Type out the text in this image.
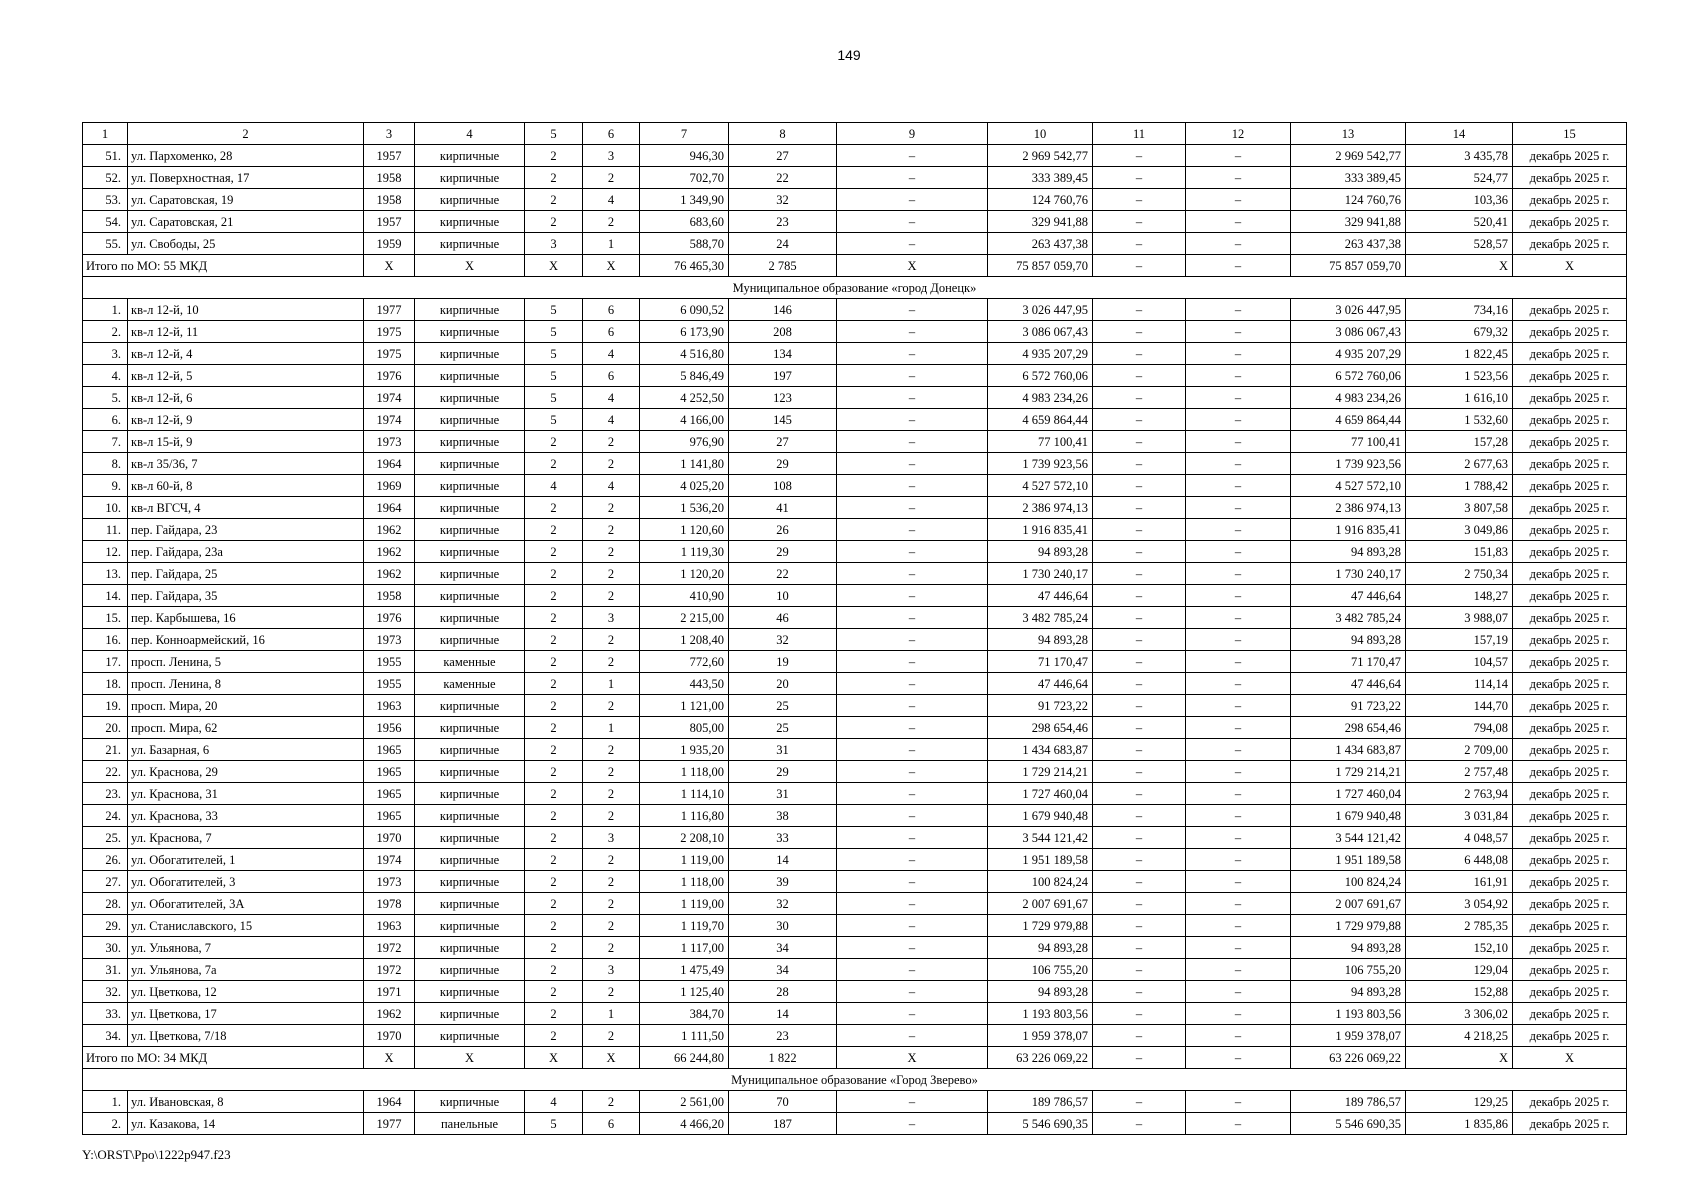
149
1	2	3	4	5	6	7	8	9	10	11	12	13	14	15
51.	ул. Пархоменко, 28	1957	кирпичные	2	3	946,30	27	–	2 969 542,77	–	–	2 969 542,77	3 435,78	декабрь 2025 г.
52.	ул. Поверхностная, 17	1958	кирпичные	2	2	702,70	22	–	333 389,45	–	–	333 389,45	524,77	декабрь 2025 г.
53.	ул. Саратовская, 19	1958	кирпичные	2	4	1 349,90	32	–	124 760,76	–	–	124 760,76	103,36	декабрь 2025 г.
54.	ул. Саратовская, 21	1957	кирпичные	2	2	683,60	23	–	329 941,88	–	–	329 941,88	520,41	декабрь 2025 г.
55.	ул. Свободы, 25	1959	кирпичные	3	1	588,70	24	–	263 437,38	–	–	263 437,38	528,57	декабрь 2025 г.
Итого по МО: 55 МКД		X	X	X	X	76 465,30	2 785	X	75 857 059,70	–	–	75 857 059,70	X	X
Муниципальное образование «город Донецк»														
1.	кв-л 12-й, 10	1977	кирпичные	5	6	6 090,52	146	–	3 026 447,95	–	–	3 026 447,95	734,16	декабрь 2025 г.
2.	кв-л 12-й, 11	1975	кирпичные	5	6	6 173,90	208	–	3 086 067,43	–	–	3 086 067,43	679,32	декабрь 2025 г.
3.	кв-л 12-й, 4	1975	кирпичные	5	4	4 516,80	134	–	4 935 207,29	–	–	4 935 207,29	1 822,45	декабрь 2025 г.
4.	кв-л 12-й, 5	1976	кирпичные	5	6	5 846,49	197	–	6 572 760,06	–	–	6 572 760,06	1 523,56	декабрь 2025 г.
5.	кв-л 12-й, 6	1974	кирпичные	5	4	4 252,50	123	–	4 983 234,26	–	–	4 983 234,26	1 616,10	декабрь 2025 г.
6.	кв-л 12-й, 9	1974	кирпичные	5	4	4 166,00	145	–	4 659 864,44	–	–	4 659 864,44	1 532,60	декабрь 2025 г.
7.	кв-л 15-й, 9	1973	кирпичные	2	2	976,90	27	–	77 100,41	–	–	77 100,41	157,28	декабрь 2025 г.
8.	кв-л 35/36, 7	1964	кирпичные	2	2	1 141,80	29	–	1 739 923,56	–	–	1 739 923,56	2 677,63	декабрь 2025 г.
9.	кв-л 60-й, 8	1969	кирпичные	4	4	4 025,20	108	–	4 527 572,10	–	–	4 527 572,10	1 788,42	декабрь 2025 г.
10.	кв-л ВГСЧ, 4	1964	кирпичные	2	2	1 536,20	41	–	2 386 974,13	–	–	2 386 974,13	3 807,58	декабрь 2025 г.
11.	пер. Гайдара, 23	1962	кирпичные	2	2	1 120,60	26	–	1 916 835,41	–	–	1 916 835,41	3 049,86	декабрь 2025 г.
12.	пер. Гайдара, 23а	1962	кирпичные	2	2	1 119,30	29	–	94 893,28	–	–	94 893,28	151,83	декабрь 2025 г.
13.	пер. Гайдара, 25	1962	кирпичные	2	2	1 120,20	22	–	1 730 240,17	–	–	1 730 240,17	2 750,34	декабрь 2025 г.
14.	пер. Гайдара, 35	1958	кирпичные	2	2	410,90	10	–	47 446,64	–	–	47 446,64	148,27	декабрь 2025 г.
15.	пер. Карбышева, 16	1976	кирпичные	2	3	2 215,00	46	–	3 482 785,24	–	–	3 482 785,24	3 988,07	декабрь 2025 г.
16.	пер. Конноармейский, 16	1973	кирпичные	2	2	1 208,40	32	–	94 893,28	–	–	94 893,28	157,19	декабрь 2025 г.
17.	просп. Ленина, 5	1955	каменные	2	2	772,60	19	–	71 170,47	–	–	71 170,47	104,57	декабрь 2025 г.
18.	просп. Ленина, 8	1955	каменные	2	1	443,50	20	–	47 446,64	–	–	47 446,64	114,14	декабрь 2025 г.
19.	просп. Мира, 20	1963	кирпичные	2	2	1 121,00	25	–	91 723,22	–	–	91 723,22	144,70	декабрь 2025 г.
20.	просп. Мира, 62	1956	кирпичные	2	1	805,00	25	–	298 654,46	–	–	298 654,46	794,08	декабрь 2025 г.
21.	ул. Базарная, 6	1965	кирпичные	2	2	1 935,20	31	–	1 434 683,87	–	–	1 434 683,87	2 709,00	декабрь 2025 г.
22.	ул. Краснова, 29	1965	кирпичные	2	2	1 118,00	29	–	1 729 214,21	–	–	1 729 214,21	2 757,48	декабрь 2025 г.
23.	ул. Краснова, 31	1965	кирпичные	2	2	1 114,10	31	–	1 727 460,04	–	–	1 727 460,04	2 763,94	декабрь 2025 г.
24.	ул. Краснова, 33	1965	кирпичные	2	2	1 116,80	38	–	1 679 940,48	–	–	1 679 940,48	3 031,84	декабрь 2025 г.
25.	ул. Краснова, 7	1970	кирпичные	2	3	2 208,10	33	–	3 544 121,42	–	–	3 544 121,42	4 048,57	декабрь 2025 г.
26.	ул. Обогатителей, 1	1974	кирпичные	2	2	1 119,00	14	–	1 951 189,58	–	–	1 951 189,58	6 448,08	декабрь 2025 г.
27.	ул. Обогатителей, 3	1973	кирпичные	2	2	1 118,00	39	–	100 824,24	–	–	100 824,24	161,91	декабрь 2025 г.
28.	ул. Обогатителей, 3А	1978	кирпичные	2	2	1 119,00	32	–	2 007 691,67	–	–	2 007 691,67	3 054,92	декабрь 2025 г.
29.	ул. Станиславского, 15	1963	кирпичные	2	2	1 119,70	30	–	1 729 979,88	–	–	1 729 979,88	2 785,35	декабрь 2025 г.
30.	ул. Ульянова, 7	1972	кирпичные	2	2	1 117,00	34	–	94 893,28	–	–	94 893,28	152,10	декабрь 2025 г.
31.	ул. Ульянова, 7а	1972	кирпичные	2	3	1 475,49	34	–	106 755,20	–	–	106 755,20	129,04	декабрь 2025 г.
32.	ул. Цветкова, 12	1971	кирпичные	2	2	1 125,40	28	–	94 893,28	–	–	94 893,28	152,88	декабрь 2025 г.
33.	ул. Цветкова, 17	1962	кирпичные	2	1	384,70	14	–	1 193 803,56	–	–	1 193 803,56	3 306,02	декабрь 2025 г.
34.	ул. Цветкова, 7/18	1970	кирпичные	2	2	1 111,50	23	–	1 959 378,07	–	–	1 959 378,07	4 218,25	декабрь 2025 г.
Итого по МО: 34 МКД		X	X	X	X	66 244,80	1 822	X	63 226 069,22	–	–	63 226 069,22	X	X
Муниципальное образование «Город Зверево»														
1.	ул. Ивановская, 8	1964	кирпичные	4	2	2 561,00	70	–	189 786,57	–	–	189 786,57	129,25	декабрь 2025 г.
2.	ул. Казакова, 14	1977	панельные	5	6	4 466,20	187	–	5 546 690,35	–	–	5 546 690,35	1 835,86	декабрь 2025 г.
Y:\ORST\Ppo\1222p947.f23
